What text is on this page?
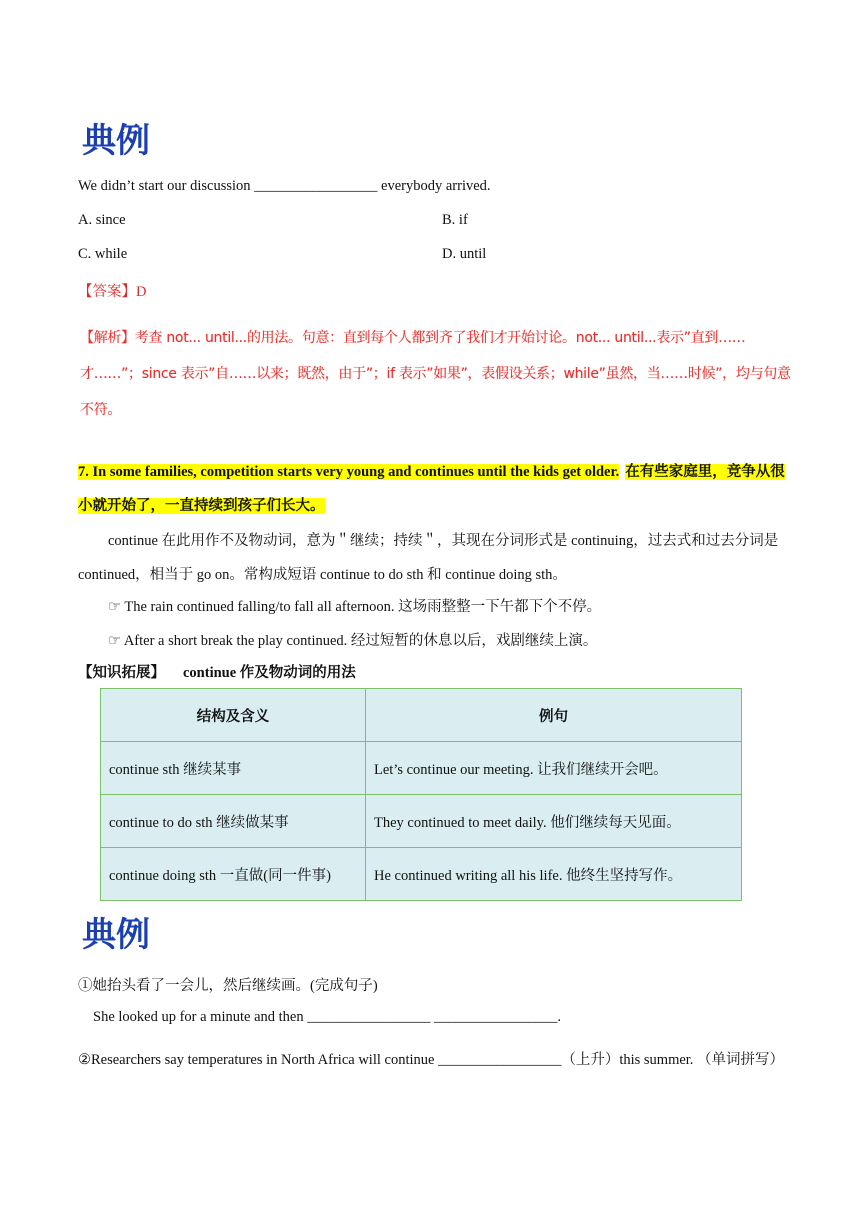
典例
We didn’t start our discussion _________________ everybody arrived.
A. since	B. if
C. while	D. until
【答案】D
【解析】考查 not... until...的用法。句意：直到每个人都到齐了我们才开始讨论。not... until...表示”直到……才……”；since 表示”自……以来；既然，由于”；if 表示”如果”，表假设关系；while”虽然，当……时候”，均与句意不符。
7. In some families, competition starts very young and continues until the kids get older. 在有些家庭里，竞争从很小就开始了，一直持续到孩子们长大。
continue 在此用作不及物动词，意为＂继续；持续＂，其现在分词形式是 continuing，过去式和过去分词是 continued，相当于 go on。常构成短语 continue to do sth 和 continue doing sth。
☞ The rain continued falling/to fall all afternoon. 这场雨整整一下午都下个不停。
☞ After a short break the play continued. 经过短暂的休息以后，戏剧继续上演。
【知识拓展】 continue 作及物动词的用法
结构及含义	例句
continue sth 继续某事	Let’s continue our meeting. 让我们继续开会吧。
continue to do sth 继续做某事	They continued to meet daily. 他们继续每天见面。
continue doing sth 一直做(同一件事)	He continued writing all his life. 他终生坚持写作。
典例
①她抬头看了一会儿，然后继续画。(完成句子)
She looked up for a minute and then _________________ _________________.
②Researchers say temperatures in North Africa will continue _________________（上升）this summer. （单词拼写）
